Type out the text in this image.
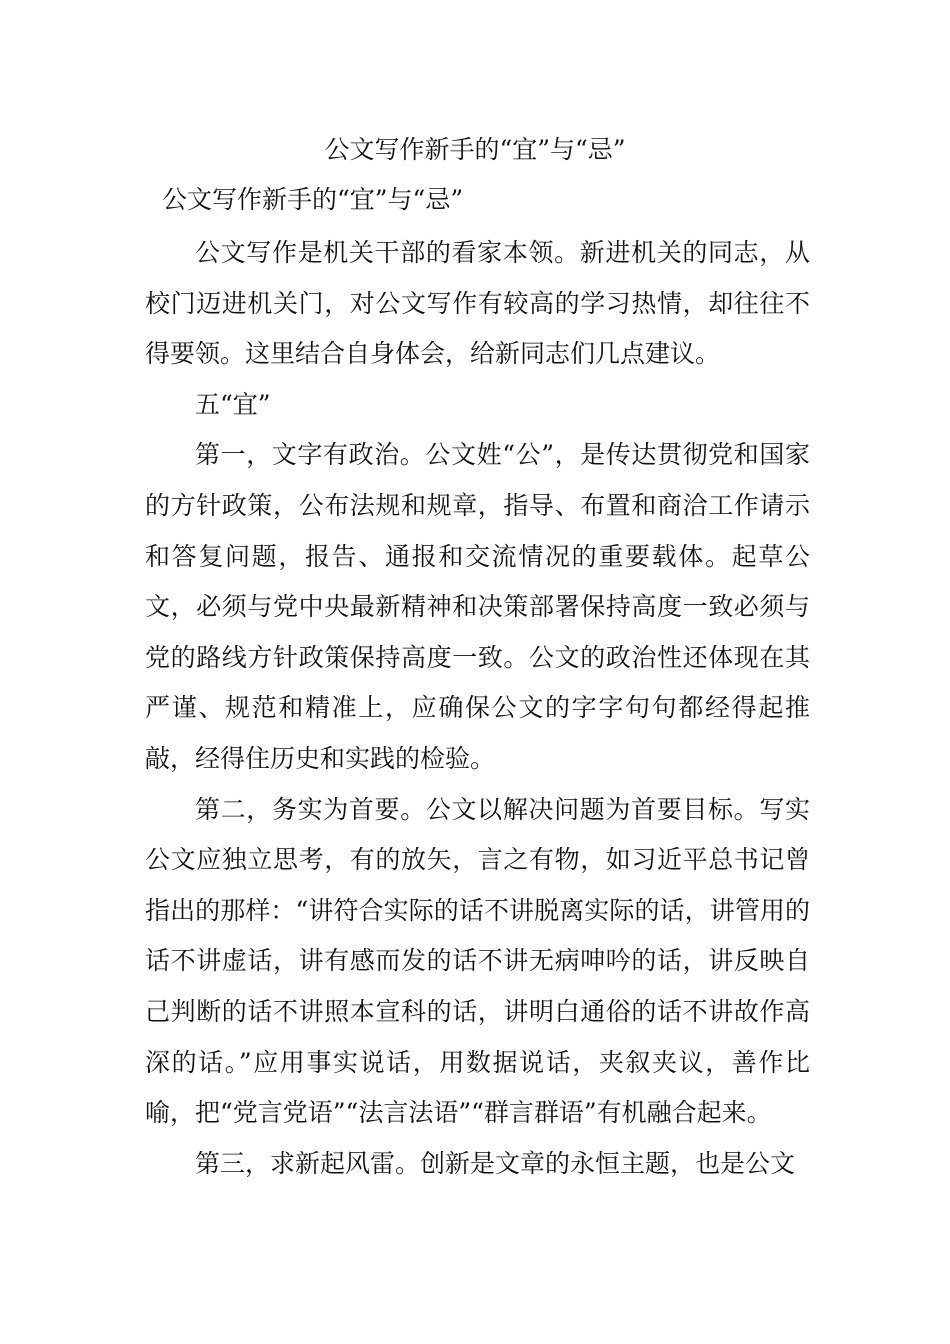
公文写作新手的“宜”与“忌”
公文写作新手的“宜”与“忌”

公文写作是机关干部的看家本领。新进机关的同志，从校门迈进机关门，对公文写作有较高的学习热情，却往往不得要领。这里结合自身体会，给新同志们几点建议。

五“宜”

第一，文字有政治。公文姓“公”，是传达贯彻党和国家的方针政策，公布法规和规章，指导、布置和商洽工作请示和答复问题，报告、通报和交流情况的重要载体。起草公文，必须与党中央最新精神和决策部署保持高度一致必须与党的路线方针政策保持高度一致。公文的政治性还体现在其严谨、规范和精准上，应确保公文的字字句句都经得起推敲，经得住历史和实践的检验。

第二，务实为首要。公文以解决问题为首要目标。写实公文应独立思考，有的放矢，言之有物，如习近平总书记曾指出的那样：“讲符合实际的话不讲脱离实际的话，讲管用的话不讲虚话，讲有感而发的话不讲无病呻吟的话，讲反映自己判断的话不讲照本宣科的话，讲明白通俗的话不讲故作高深的话。”应用事实说话，用数据说话，夹叙夹议，善作比喻，把“党言党语”“法言法语”“群言群语”有机融合起来。

第三，求新起风雷。创新是文章的永恒主题，也是公文
